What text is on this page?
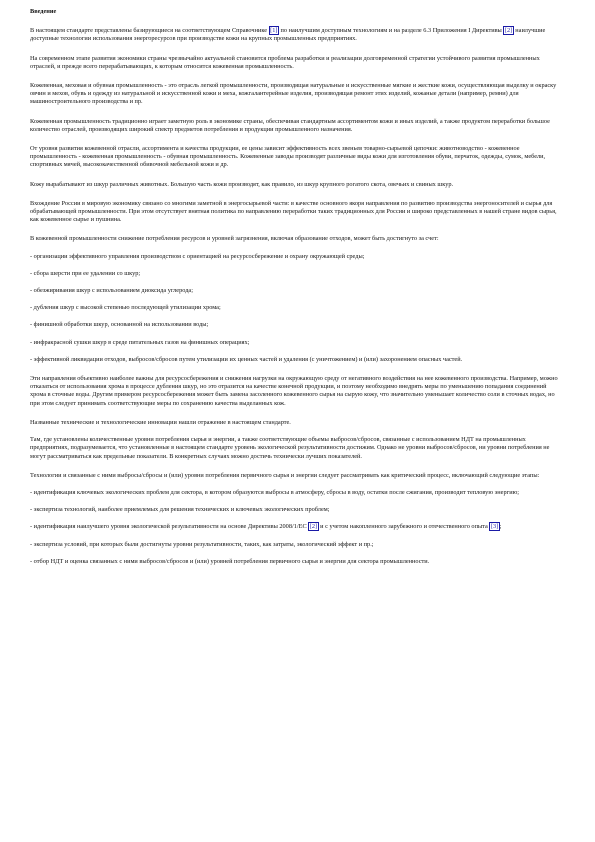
Введение

В настоящем стандарте представлены базирующиеся на соответствующем Справочнике [1] по наилучшим доступным технологиям и на разделе 6.3 Приложения I Директивы [2] наилучшие доступные технологии использования энергоресурсов при производстве кожи на крупных промышленных предприятиях.

На современном этапе развития экономики страны чрезвычайно актуальной становится проблема разработки и реализации долговременной стратегии устойчивого развития промышленных отраслей, и прежде всего перерабатывающих, к которым относится кожевенная промышленность.

Кожевенная, меховая и обувная промышленность - это отрасль легкой промышленности, производящая натуральные и искусственные мягкие и жесткие кожи, осуществляющая выделку и окраску овчин и мехов, обувь и одежду из натуральной и искусственной кожи и меха, кожгалантерейные изделия, производящая ремонт этих изделий, кожаные детали (например, ремни) для машиностроительного производства и пр.

Кожевенная промышленность традиционно играет заметную роль в экономике страны, обеспечивая стандартным ассортиментом кожи и иных изделий, а также продуктом переработки большое количество отраслей, производящих широкий спектр предметов потребления и продукции промышленного назначения.

От уровня развития кожевенной отрасли, ассортимента и качества продукции, ее цены зависит эффективность всех звеньев товарно-сырьевой цепочки: животноводство - кожевенное промышленность - кожевенная промышленность - обувная промышленность. Кожевенные заводы производят различные виды кожи для изготовления обуви, перчаток, одежды, сумок, мебели, спортивных мячей, высококачественной обивочной мебельной кожи и др.

Кожу вырабатывают из шкур различных животных. Большую часть кожи производят, как правило, из шкур крупного рогатого скота, овечьих и свиных шкур.

Вхождение России в мировую экономику связано со многими заметной в энергосырьевой части: в качестве основного якоря направления по развитию производства энергоносителей и сырья для обрабатывающей промышленности. При этом отсутствует внятная политика по направлению переработки таких традиционных для России и широко представленных в нашей стране видов сырья, как кожевенное сырье и пушнина.

В кожевенной промышленности снижение потребления ресурсов и уровней загрязнения, включая образование отходов, может быть достигнуто за счет:

- организации эффективного управления производством с ориентацией на ресурсосбережение и охрану окружающей среды;

- сбора шерсти при ее удалении со шкур;

- обезжиривания шкур с использованием диоксида углерода;

- дубления шкур с высокой степенью последующей утилизации хрома;

- финишной обработки шкур, основанной на использовании воды;

- инфракрасной сушки шкур в среде питательных газов на финишных операциях;

- эффективной ликвидации отходов, выбросов/сбросов путем утилизации их ценных частей и удаления (с уничтожением) и (или) захоронением опасных частей.

Эти направления объективно наиболее важны для ресурсосбережения и снижения нагрузки на окружающую среду от негативного воздействия на нее кожевенного производства. Например, можно отказаться от использования хрома в процессе дубления шкур, но это отразится на качестве конечной продукции, и поэтому необходимо внедрять меры по уменьшению попадания соединений хрома в сточные воды. Другим примером ресурсосбережения может быть замена засоленного кожевенного сырья на сырую кожу, что значительно уменьшает количество соли в сточных водах, но при этом следует принимать соответствующие меры по сохранению качества выделанных кож.

Названные технические и технологические инновации нашли отражение в настоящем стандарте.

Там, где установлены количественные уровни потребления сырья и энергии, а также соответствующие объемы выбросов/сбросов, связанные с использованием НДТ на промышленных предприятиях, подразумевается, что установленные в настоящем стандарте уровень экологической результативности достижим. Однако не уровни выбросов/сбросов, ни уровни потребления не могут рассматриваться как предельные показатели. В конкретных случаях можно достичь технически лучших показателей.

Технологии и связанные с ними выбросы/сбросы и (или) уровни потребления первичного сырья и энергии следует рассматривать как критический процесс, включающий следующие этапы:

- идентификация ключевых экологических проблем для сектора, в котором образуются выбросы в атмосферу, сбросы в воду, остатки после сжигания, производит тепловую энергию;

- экспертиза технологий, наиболее приемлемых для решения технических и ключевых экологических проблем;

- идентификация наилучшего уровня экологической результативности на основе Директивы 2008/1/ЕС [2] и с учетом накопленного зарубежного и отечественного опыта [3] ;

- экспертиза условий, при которых были достигнуты уровни результативности, таких, как затраты, экологический эффект и пр.;

- отбор НДТ и оценка связанных с ними выбросов/сбросов и (или) уровней потребления первичного сырья и энергии для сектора промышленности.
